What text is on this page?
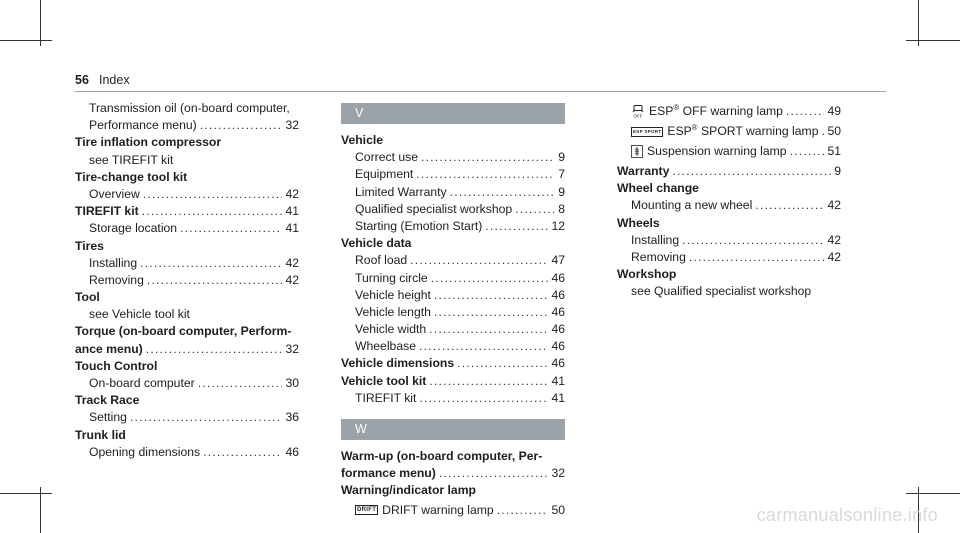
56 Index
Transmission oil (on-board computer,
Performance menu) .....	32
Tire inflation compressor
see TIREFIT kit
Tire-change tool kit
Overview .....	42
TIREFIT kit .....	41
Storage location .....	41
Tires
Installing .....	42
Removing .....	42
Tool
see Vehicle tool kit
Torque (on-board computer, Perform-
ance menu) .....	32
Touch Control
On-board computer .....	30
Track Race
Setting .....	36
Trunk lid
Opening dimensions .....	46
V
Vehicle
Correct use .....	9
Equipment .....	7
Limited Warranty .....	9
Qualified specialist workshop .....	8
Starting (Emotion Start) .....	12
Vehicle data
Roof load .....	47
Turning circle .....	46
Vehicle height .....	46
Vehicle length .....	46
Vehicle width .....	46
Wheelbase .....	46
Vehicle dimensions .....	46
Vehicle tool kit .....	41
TIREFIT kit .....	41
W
Warm-up (on-board computer, Per-
formance menu) .....	32
Warning/indicator lamp
DRIFT DRIFT warning lamp .....	50
OFF ESP® OFF warning lamp .....	49
ESP SPORT ESP® SPORT warning lamp ..... 50
Suspension warning lamp .....	51
Warranty .....	9
Wheel change
Mounting a new wheel .....	42
Wheels
Installing .....	42
Removing .....	42
Workshop
see Qualified specialist workshop
carmanualsonline.info
